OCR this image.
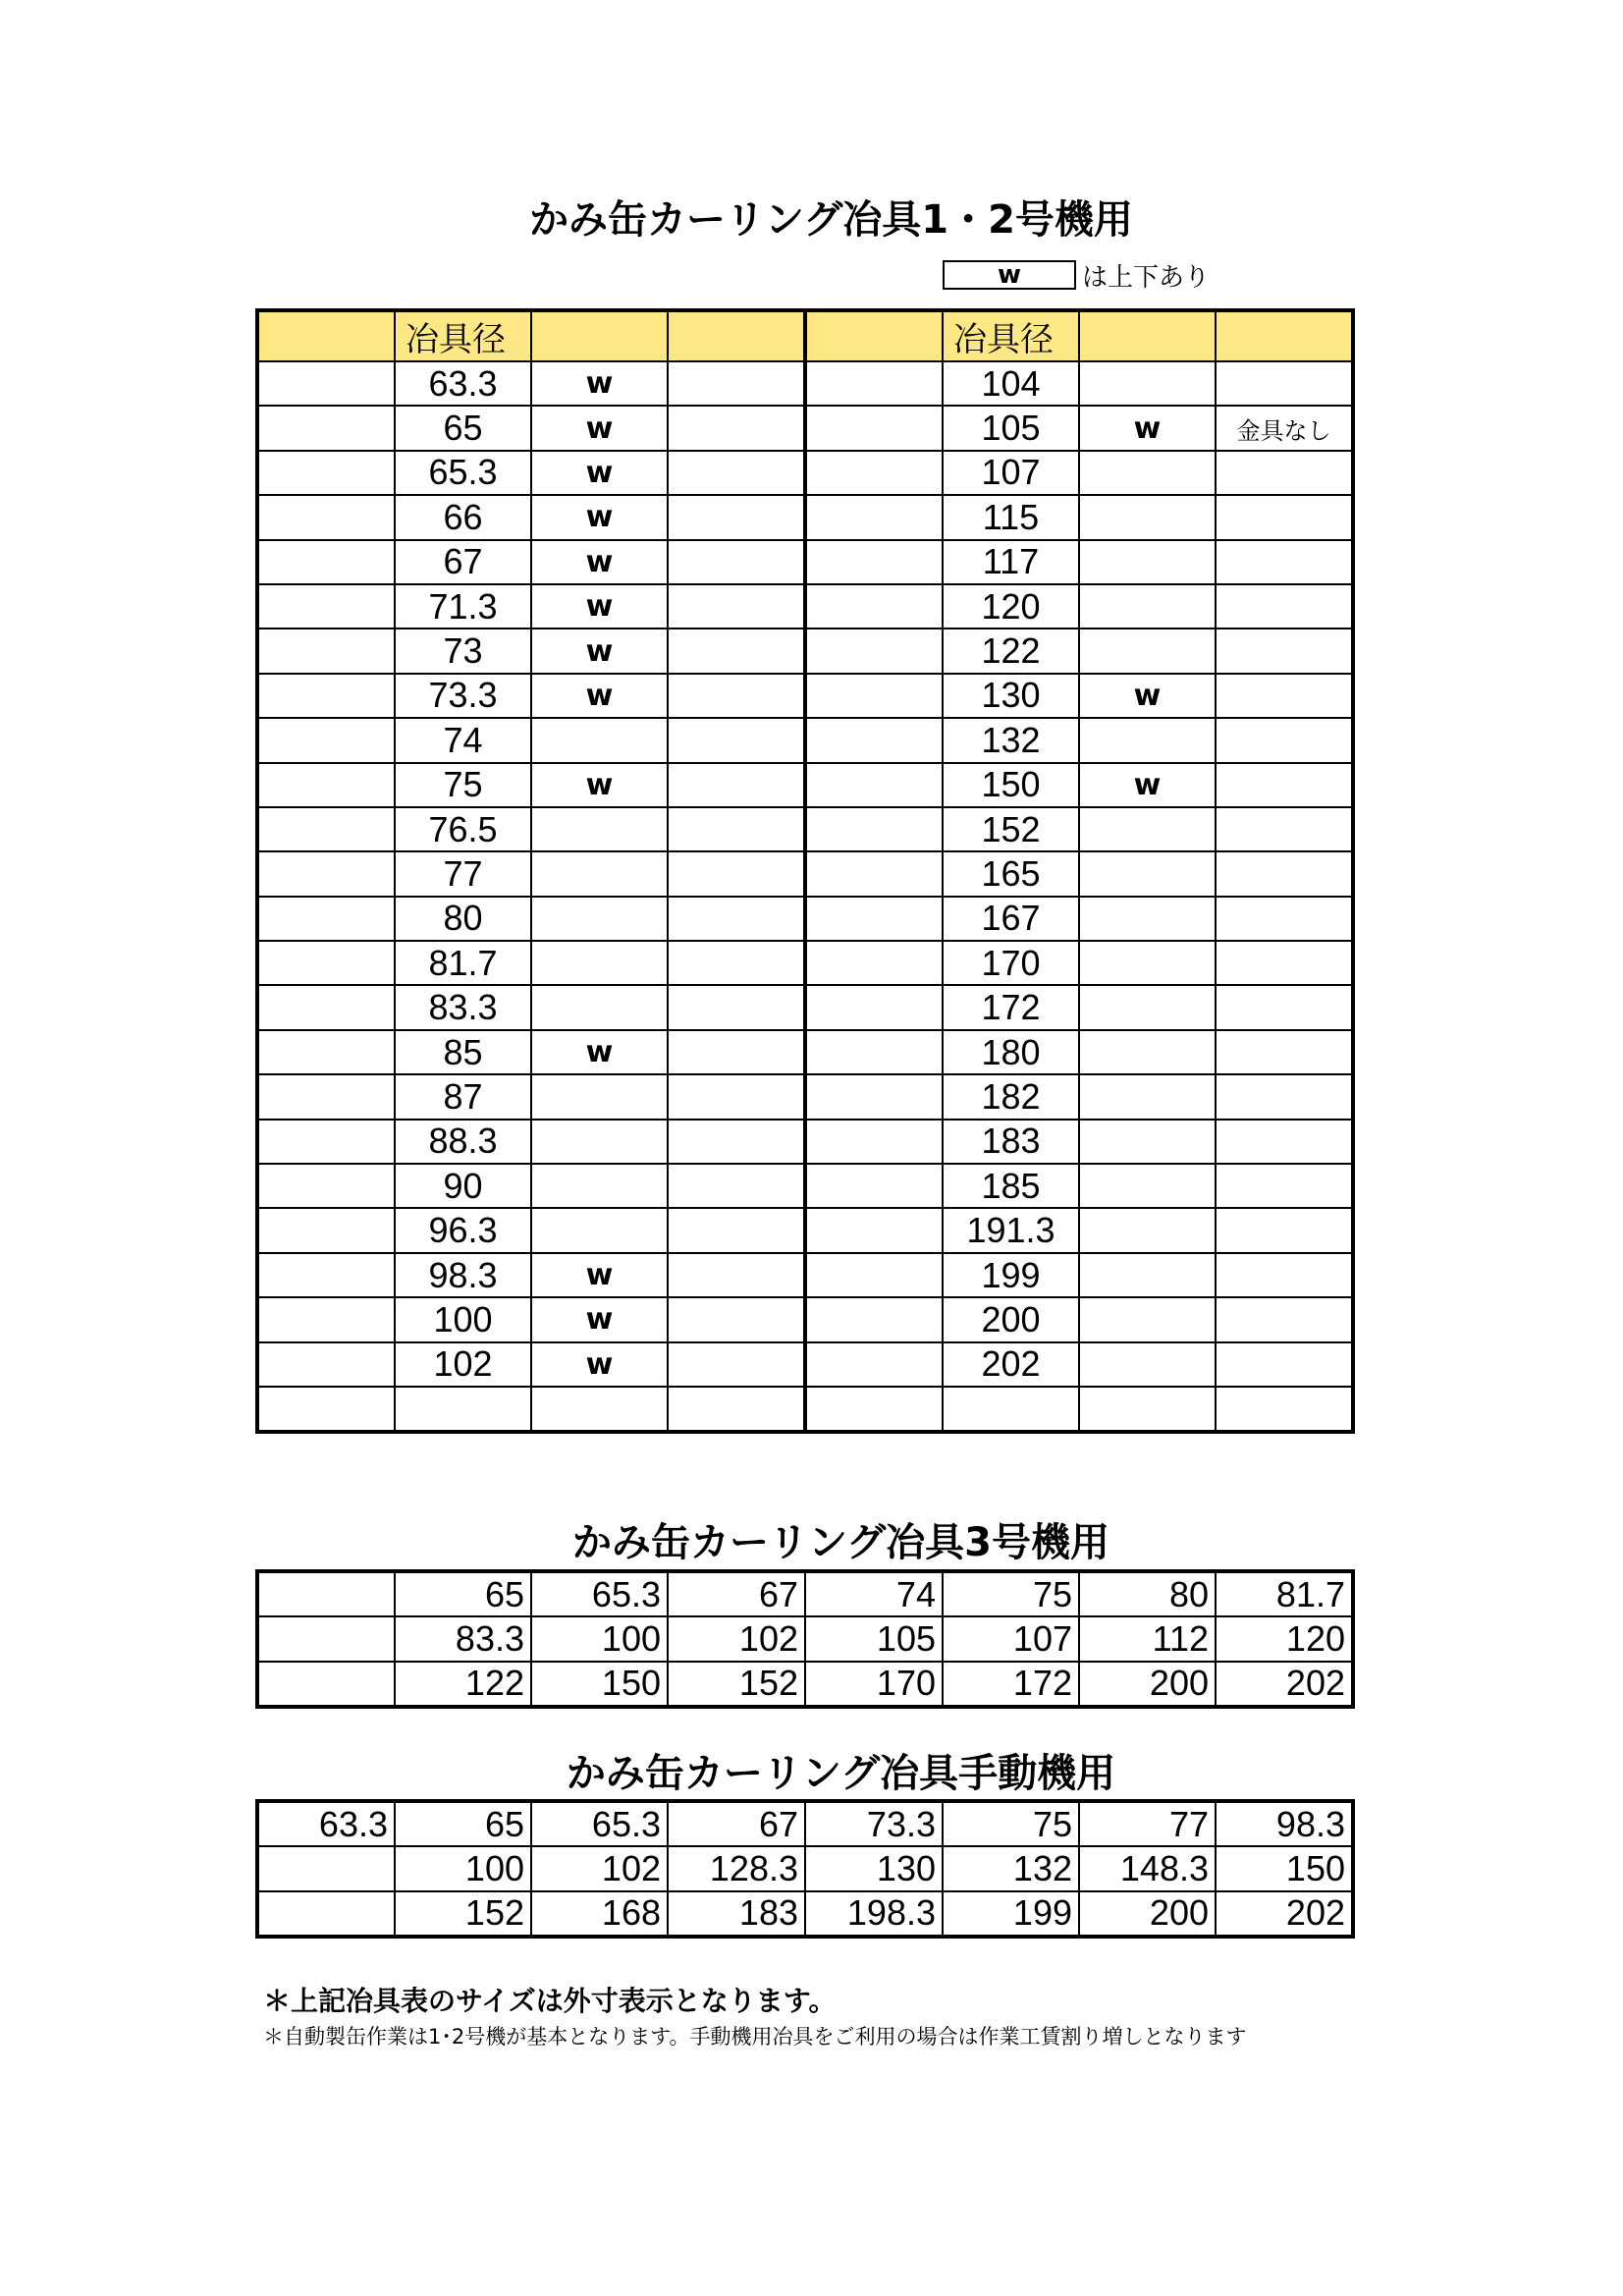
かみ缶カーリング冶具1・2号機用
w	は上下あり
	冶具径				冶具径		
	63.3	w			104		
	65	w			105	w	金具なし
	65.3	w			107		
	66	w			115		
	67	w			117		
	71.3	w			120		
	73	w			122		
	73.3	w			130	w	
	74				132		
	75	w			150	w	
	76.5				152		
	77				165		
	80				167		
	81.7				170		
	83.3				172		
	85	w			180		
	87				182		
	88.3				183		
	90				185		
	96.3				191.3		
	98.3	w			199		
	100	w			200		
	102	w			202		

かみ缶カーリング冶具3号機用
	65	65.3	67	74	75	80	81.7
	83.3	100	102	105	107	112	120
	122	150	152	170	172	200	202
かみ缶カーリング冶具手動機用
63.3	65	65.3	67	73.3	75	77	98.3
	100	102	128.3	130	132	148.3	150
	152	168	183	198.3	199	200	202
＊上記冶具表のサイズは外寸表示となります。
＊自動製缶作業は1･2号機が基本となります。手動機用冶具をご利用の場合は作業工賃割り増しとなります
